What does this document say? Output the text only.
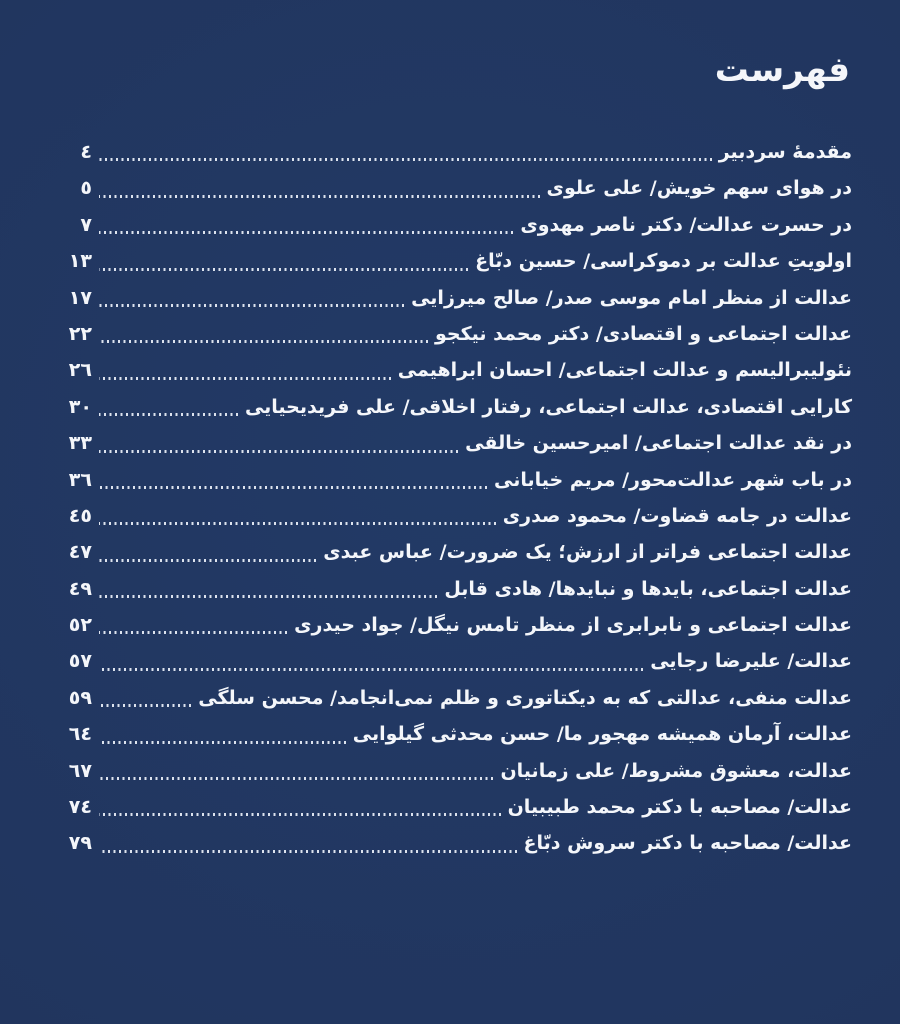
فهرست
مقدمهٔ سردبیر
٤
در هوای سهم خویش/ علی علوی
٥
در حسرت عدالت/ دکتر ناصر مهدوی
٧
اولویتِ عدالت بر دموکراسی/ حسین دبّاغ
١٣
عدالت از منظر امام موسی صدر/ صالح میرزایی
١٧
عدالت اجتماعی و اقتصادی/ دکتر محمد نیکجو
٢٢
نئولیبرالیسم و عدالت اجتماعی/ احسان ابراهیمی
٢٦
کارایی اقتصادی، عدالت اجتماعی، رفتار اخلاقی/ علی فریدیحیایی
٣٠
در نقد عدالت اجتماعی/ امیرحسین خالقی
٣٣
در باب شهر عدالت‌محور/ مریم خیابانی
٣٦
عدالت در جامه قضاوت/ محمود صدری
٤٥
عدالت اجتماعی فراتر از ارزش؛ یک ضرورت/ عباس عبدی
٤٧
عدالت اجتماعی، بایدها و نبایدها/ هادی قابل
٤٩
عدالت اجتماعی و نابرابری از منظر تامس نیگل/ جواد حیدری
٥٢
عدالت/ علیرضا رجایی
٥٧
عدالت منفی، عدالتی که به دیکتاتوری و ظلم نمی‌انجامد/ محسن سلگی
٥٩
عدالت، آرمان همیشه مهجور ما/ حسن محدثی گیلوایی
٦٤
عدالت، معشوق مشروط/ علی زمانیان
٦٧
عدالت/ مصاحبه با دکتر محمد طبیبیان
٧٤
عدالت/ مصاحبه با دکتر سروش دبّاغ
٧٩
